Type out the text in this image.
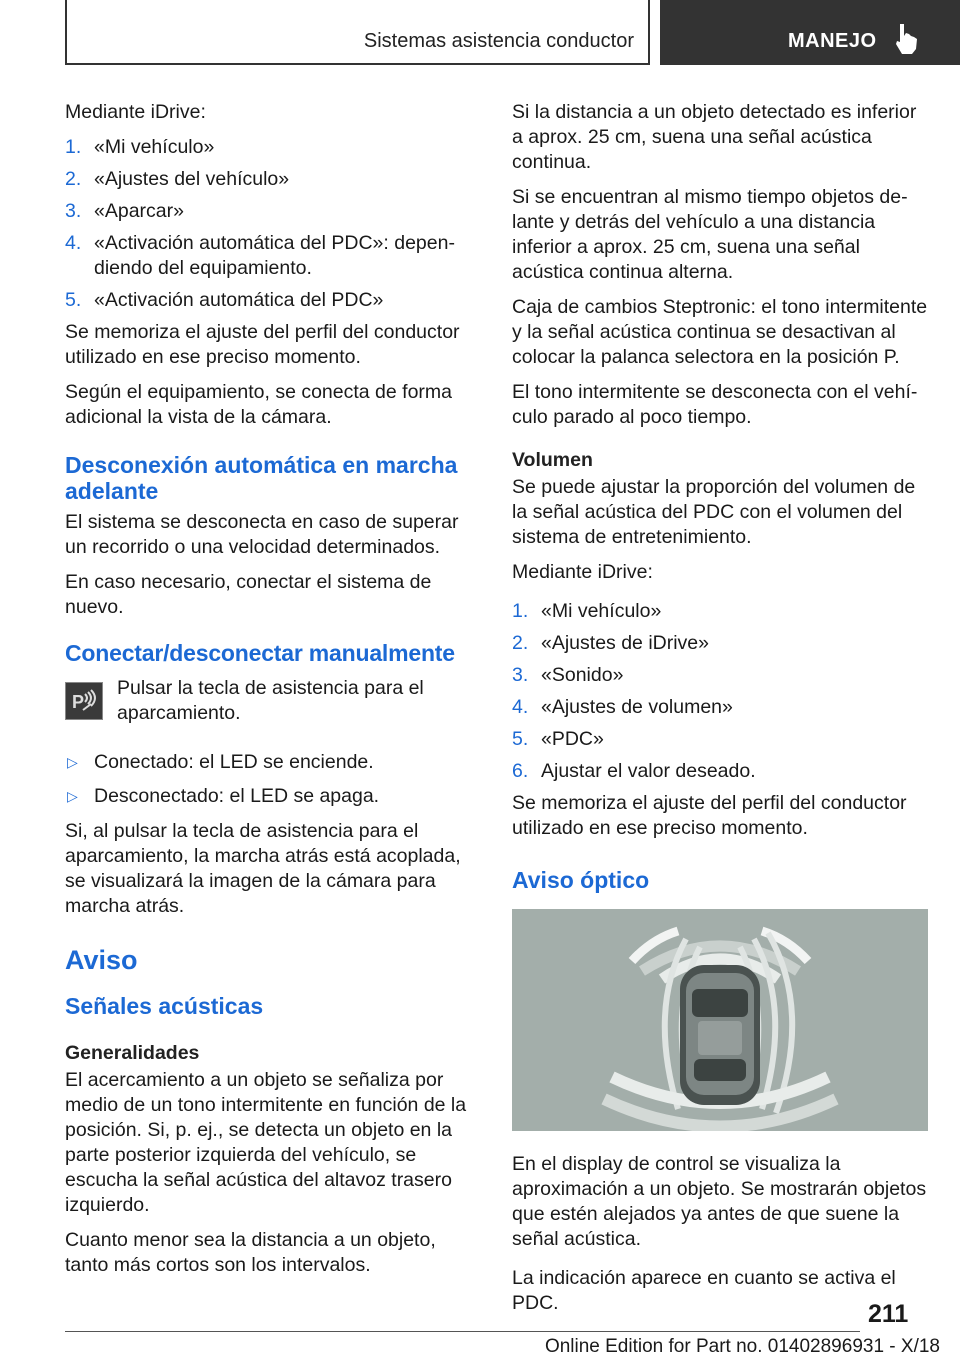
Sistemas asistencia conductor	MANEJO

Mediante iDrive:

1. «Mi vehículo»
2. «Ajustes del vehículo»
3. «Aparcar»
4. «Activación automática del PDC»: dependiendo del equipamiento.
5. «Activación automática del PDC»

Se memoriza el ajuste del perfil del conductor utilizado en ese preciso momento.

Según el equipamiento, se conecta de forma adicional la vista de la cámara.

Desconexión automática en marcha adelante

El sistema se desconecta en caso de superar un recorrido o una velocidad determinados.

En caso necesario, conectar el sistema de nuevo.

Conectar/desconectar manualmente
P
Pulsar la tecla de asistencia para el aparcamiento.
▷ Conectado: el LED se enciende.
▷ Desconectado: el LED se apaga.

Si, al pulsar la tecla de asistencia para el aparcamiento, la marcha atrás está acoplada, se visualizará la imagen de la cámara para marcha atrás.

Aviso
Señales acústicas
Generalidades

El acercamiento a un objeto se señaliza por medio de un tono intermitente en función de la posición. Si, p. ej., se detecta un objeto en la parte posterior izquierda del vehículo, se escucha la señal acústica del altavoz trasero izquierdo.

Cuanto menor sea la distancia a un objeto, tanto más cortos son los intervalos.

Si la distancia a un objeto detectado es inferior a aprox. 25 cm, suena una señal acústica continua.

Si se encuentran al mismo tiempo objetos delante y detrás del vehículo a una distancia inferior a aprox. 25 cm, suena una señal acústica continua alterna.

Caja de cambios Steptronic: el tono intermitente y la señal acústica continua se desactivan al colocar la palanca selectora en la posición P.

El tono intermitente se desconecta con el vehículo parado al poco tiempo.

Volumen

Se puede ajustar la proporción del volumen de la señal acústica del PDC con el volumen del sistema de entretenimiento.

Mediante iDrive:

1. «Mi vehículo»
2. «Ajustes de iDrive»
3. «Sonido»
4. «Ajustes de volumen»
5. «PDC»
6. Ajustar el valor deseado.

Se memoriza el ajuste del perfil del conductor utilizado en ese preciso momento.

Aviso óptico

En el display de control se visualiza la aproximación a un objeto. Se mostrarán objetos que estén alejados ya antes de que suene la señal acústica.

La indicación aparece en cuanto se activa el PDC.	211
Online Edition for Part no. 01402896931 - X/18
